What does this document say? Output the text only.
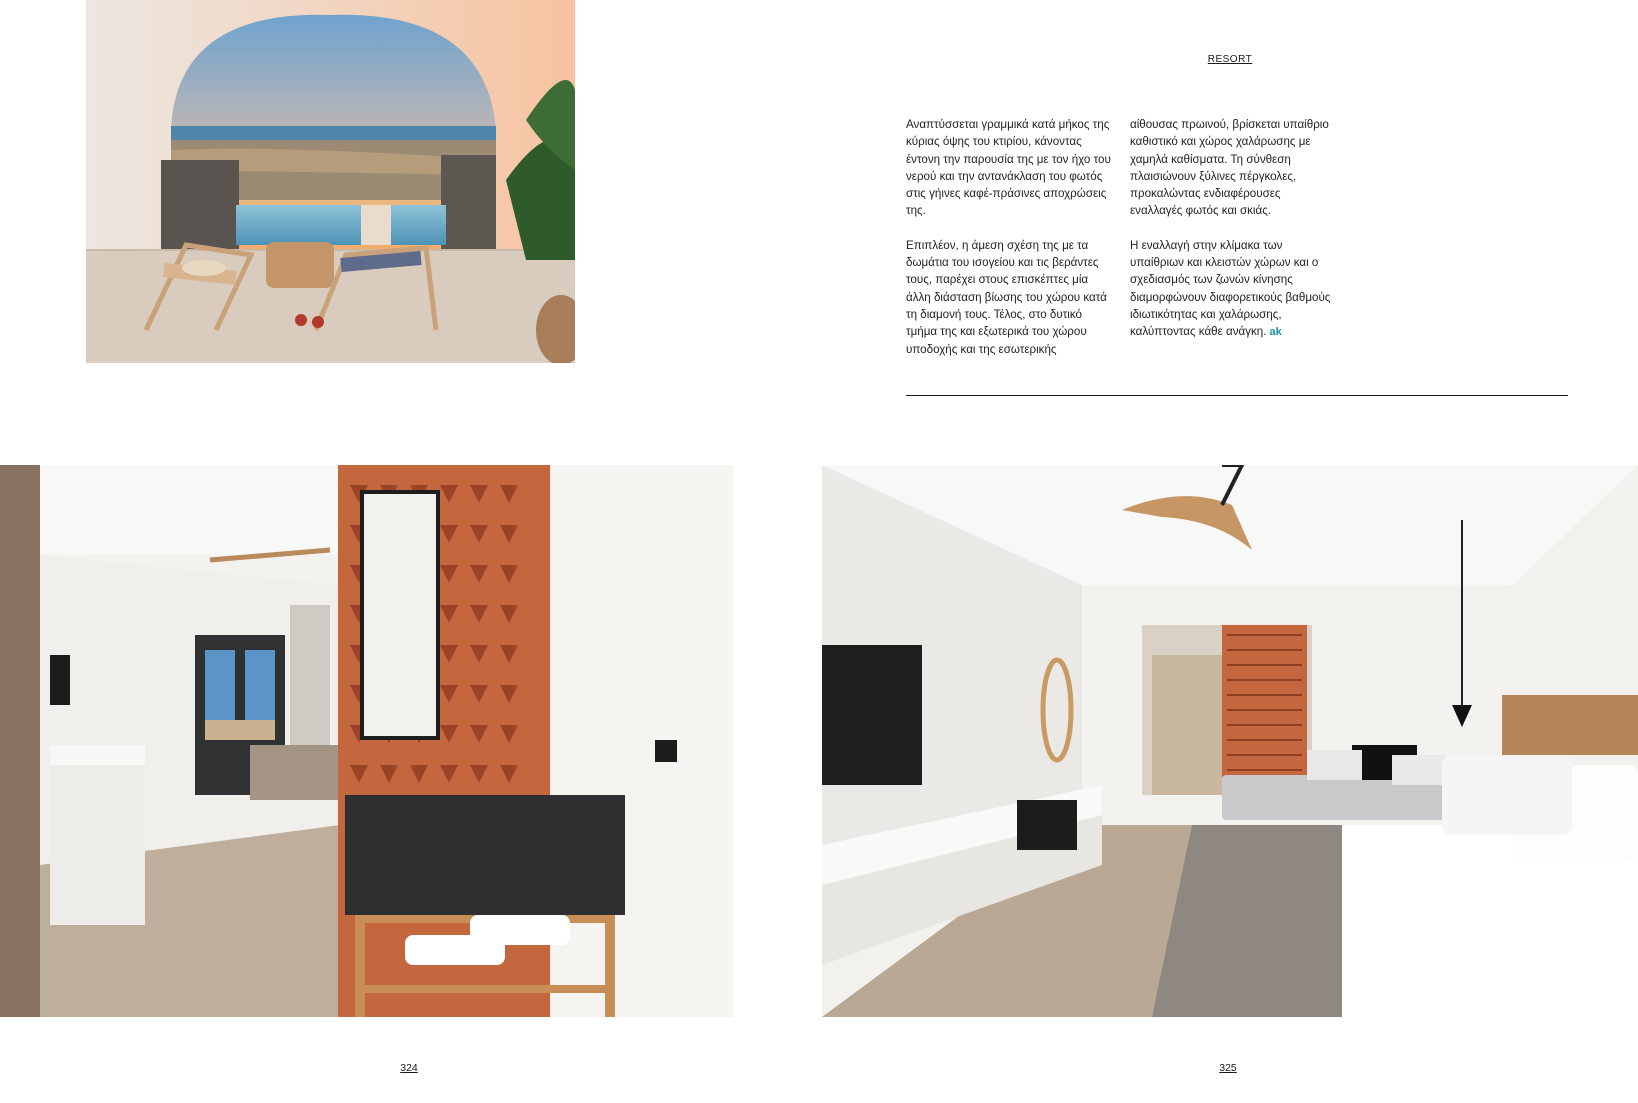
RESORT

Αναπτύσσεται γραμμικά κατά μήκος της κύριας όψης του κτιρίου, κάνοντας έντονη την παρουσία της με τον ήχο του νερού και την αντανάκλαση του φωτός στις γήινες καφέ-πράσινες αποχρώσεις της.

Επιπλέον, η άμεση σχέση της με τα δωμάτια του ισογείου και τις βεράντες τους, παρέχει στους επισκέπτες μία άλλη διάσταση βίωσης του χώρου κατά τη διαμονή τους. Τέλος, στο δυτικό τμήμα της και εξωτερικά του χώρου υποδοχής και της εσωτερικής

αίθουσας πρωινού, βρίσκεται υπαίθριο καθιστικό και χώρος χαλάρωσης με χαμηλά καθίσματα. Τη σύνθεση πλαισιώνουν ξύλινες πέργκολες, προκαλώντας ενδιαφέρουσες εναλλαγές φωτός και σκιάς.

Η εναλλαγή στην κλίμακα των υπαίθριων και κλειστών χώρων και ο σχεδιασμός των ζωνών κίνησης διαμορφώνουν διαφορετικούς βαθμούς ιδιωτικότητας και χαλάρωσης, καλύπτοντας κάθε ανάγκη. ak

324	325
